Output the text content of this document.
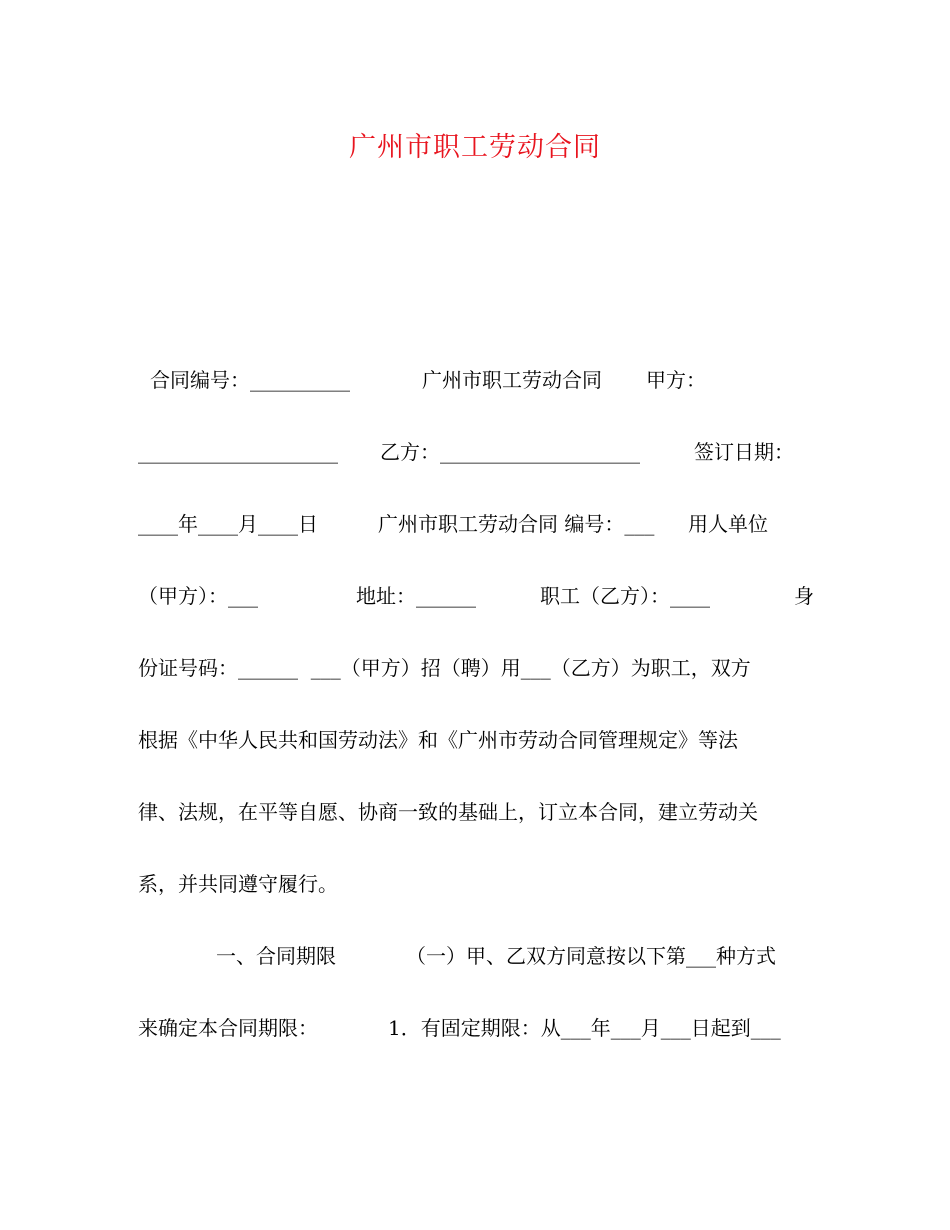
广州市职工劳动合同
合同编号：__________	广州市职工劳动合同 甲方：
____________________ 乙方：____________________	签订日期：
____年____月____日	广州市职工劳动合同 编号：___ 用人单位
（甲方）：___	地址：______	职工（乙方）：____	身
份证号码：______  ___（甲方）招（聘）用___（乙方）为职工，双方
根据《中华人民共和国劳动法》和《广州市劳动合同管理规定》等法
律、法规，在平等自愿、协商一致的基础上，订立本合同，建立劳动关
系，并共同遵守履行。
一、合同期限	（一）甲、乙双方同意按以下第___种方式
来确定本合同期限：	1．有固定期限：从___年___月___日起到___
